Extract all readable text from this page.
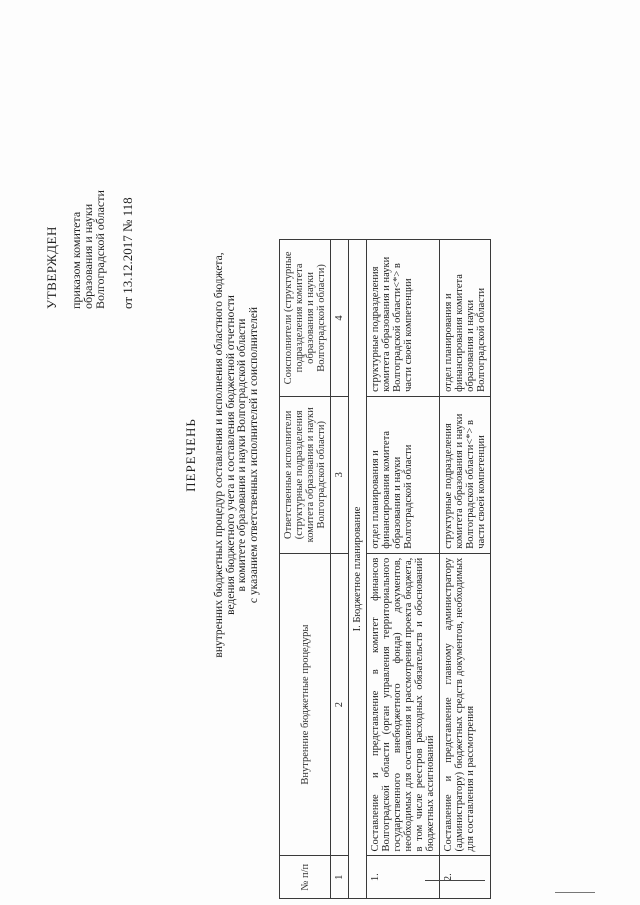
УТВЕРЖДЕН приказом комитета
образования и науки
Волгоградской области от 13.12.2017 № 118
ПЕРЕЧЕНЬ внутренних бюджетных процедур составления и исполнения областного бюджета, ведения бюджетного учета и составления бюджетной отчетности в комитете образования и науки Волгоградской области с указанием ответственных исполнителей и соисполнителей
№ п/п	Внутренние бюджетные процедуры	Ответственные исполнители (структурные подразделения комитета образования и науки Волгоградской области)	Соисполнители (структурные подразделения комитета образования и науки Волгоградской области)
1	2	3	4
I. Бюджетное планирование			
1.	Составление и представление в комитет финансов Волгоградской области (орган управления территориального государственного внебюджетного фонда) документов, необходимых для составления и рассмотрения проекта бюджета, в том числе реестров расходных обязательств и обоснований бюджетных ассигнований	отдел планирования и финансирования комитета образования и науки Волгоградской области	структурные подразделения комитета образования и науки Волгоградской области<*> в части своей компетенции
2.	Составление и представление главному администратору (администратору) бюджетных средств документов, необходимых для составления и рассмотрения	структурные подразделения комитета образования и науки Волгоградской области<*> в части своей компетенции	отдел планирования и финансирования комитета образования и науки Волгоградской области
